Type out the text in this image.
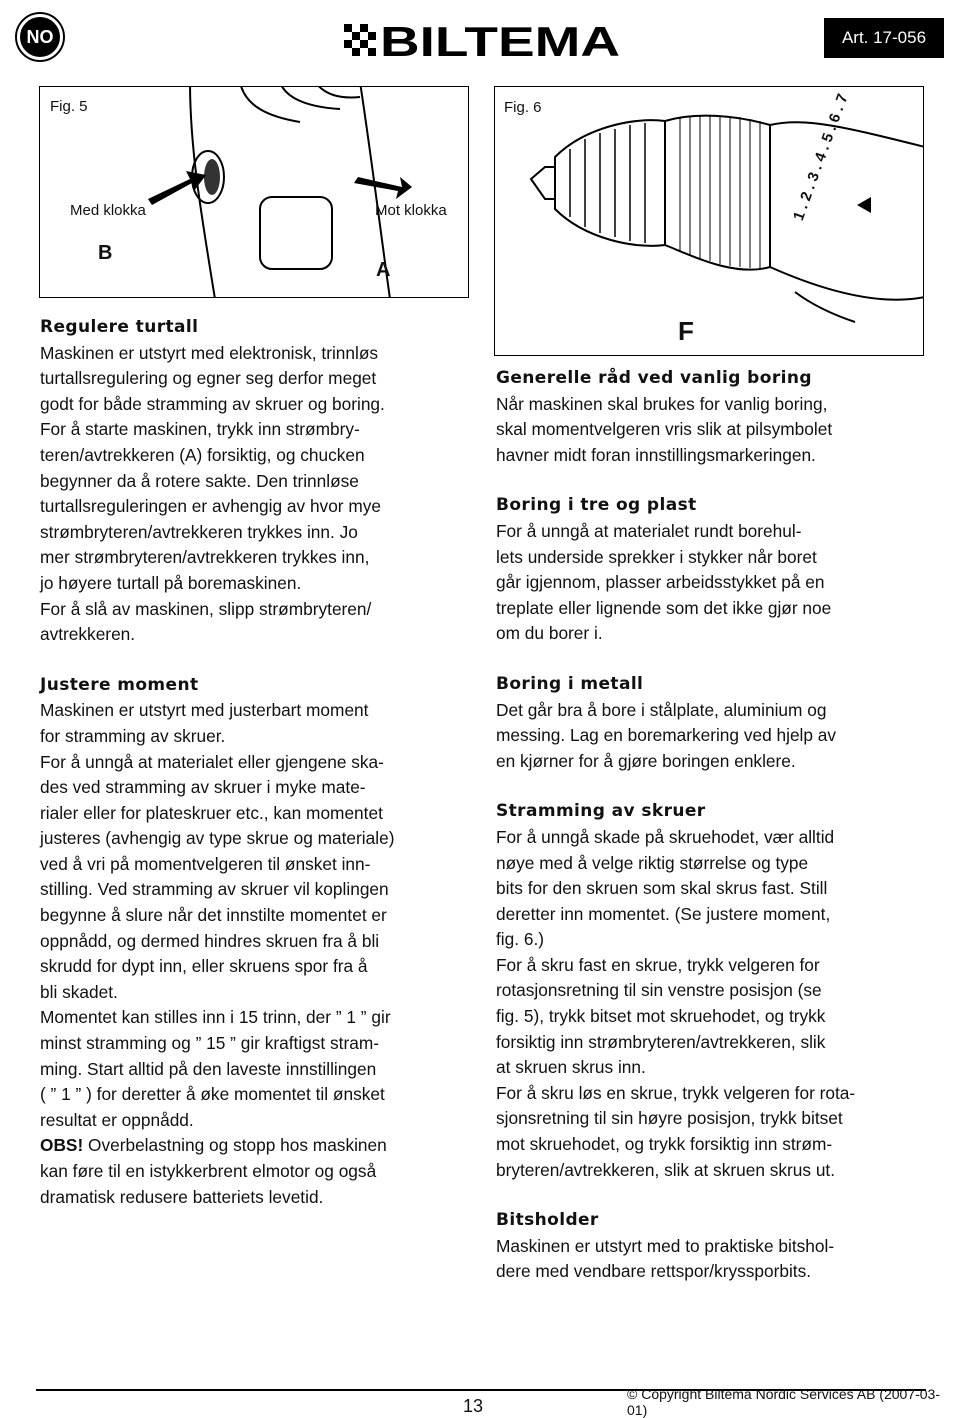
NO	BILTEMA	Art. 17-056
Fig. 5
Med klokka	Mot klokka
B
A
Fig. 6	1 . 2 . 3 . 4 . 5 . 6 . 7
F
Regulere turtall

Maskinen er utstyrt med elektronisk, trinnløs

turtallsregulering og egner seg derfor meget

godt for både stramming av skruer og boring.

For å starte maskinen, trykk inn strømbry-

teren/avtrekkeren (A) forsiktig, og chucken

begynner da å rotere sakte. Den trinnløse

turtallsreguleringen er avhengig av hvor mye

strømbryteren/avtrekkeren trykkes inn. Jo

mer strømbryteren/avtrekkeren trykkes inn,

jo høyere turtall på boremaskinen.

For å slå av maskinen, slipp strømbryteren/

avtrekkeren.

Justere moment

Maskinen er utstyrt med justerbart moment

for stramming av skruer.

For å unngå at materialet eller gjengene ska-

des ved stramming av skruer i myke mate-

rialer eller for plateskruer etc., kan momentet

justeres (avhengig av type skrue og materiale)

ved å vri på momentvelgeren til ønsket inn-

stilling. Ved stramming av skruer vil koplingen

begynne å slure når det innstilte momentet er

oppnådd, og dermed hindres skruen fra å bli

skrudd for dypt inn, eller skruens spor fra å

bli skadet.

Momentet kan stilles inn i 15 trinn, der ” 1 ” gir

minst stramming og ” 15 ” gir kraftigst stram-

ming. Start alltid på den laveste innstillingen

( ” 1 ” ) for deretter å øke momentet til ønsket

resultat er oppnådd.

OBS! Overbelastning og stopp hos maskinen

kan føre til en istykkerbrent elmotor og også

dramatisk redusere batteriets levetid.

Generelle råd ved vanlig boring

Når maskinen skal brukes for vanlig boring,

skal momentvelgeren vris slik at pilsymbolet

havner midt foran innstillingsmarkeringen.

Boring i tre og plast

For å unngå at materialet rundt borehul-

lets underside sprekker i stykker når boret

går igjennom, plasser arbeidsstykket på en

treplate eller lignende som det ikke gjør noe

om du borer i.

Boring i metall

Det går bra å bore i stålplate, aluminium og

messing. Lag en boremarkering ved hjelp av

en kjørner for å gjøre boringen enklere.

Stramming av skruer

For å unngå skade på skruehodet, vær alltid

nøye med å velge riktig størrelse og type

bits for den skruen som skal skrus fast. Still

deretter inn momentet. (Se justere moment,

fig. 6.)

For å skru fast en skrue, trykk velgeren for

rotasjonsretning til sin venstre posisjon (se

fig. 5), trykk bitset mot skruehodet, og trykk

forsiktig inn strømbryteren/avtrekkeren, slik

at skruen skrus inn.

For å skru løs en skrue, trykk velgeren for rota-

sjonsretning til sin høyre posisjon, trykk bitset

mot skruehodet, og trykk forsiktig inn strøm-

bryteren/avtrekkeren, slik at skruen skrus ut.

Bitsholder

Maskinen er utstyrt med to praktiske bitshol-

dere med vendbare rettspor/kryssporbits.

13
© Copyright Biltema Nordic Services AB (2007-03-01)
